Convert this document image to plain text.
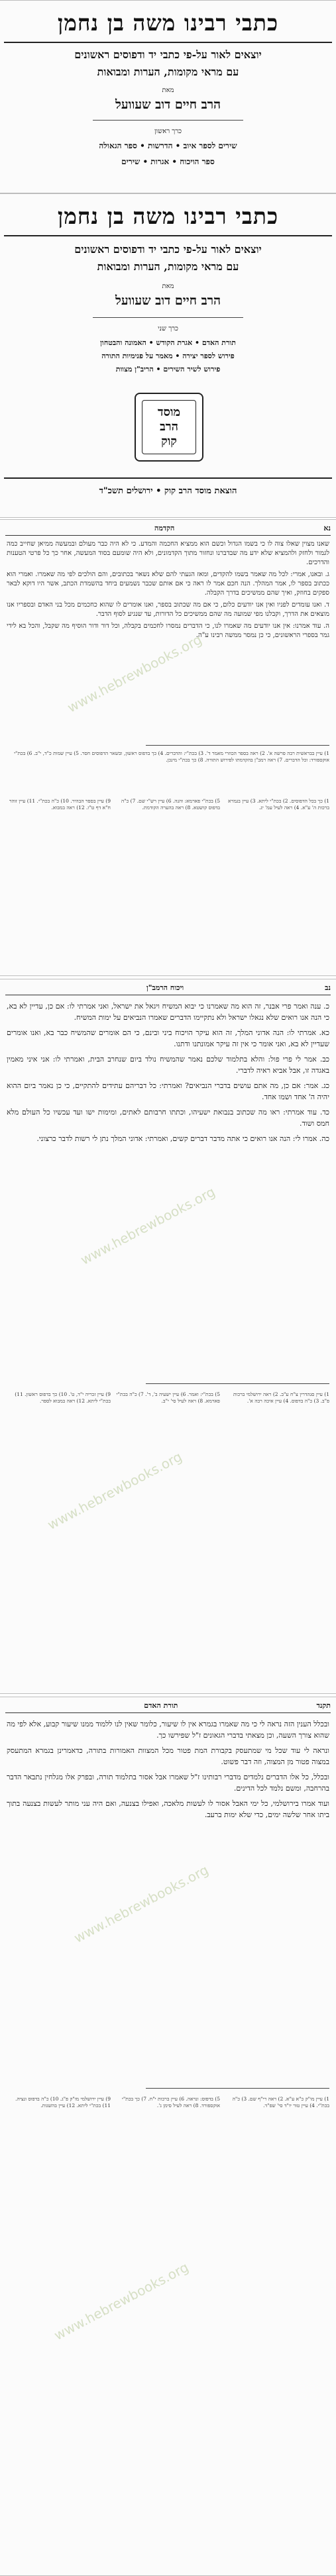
כתבי רבינו משה בן נחמן
יוצאים לאור על-פי כתבי יד ודפוסים ראשונים
עם מראי מקומות, הערות ומבואות
מאת
הרב חיים דוב שעוועל
כרך ראשון
שירים לספר איוב • הדרשות • ספר הגאולה
ספר הויכוח • אגרות • שירים
כתבי רבינו משה בן נחמן
יוצאים לאור על-פי כתבי יד ודפוסים ראשונים
עם מראי מקומות, הערות ומבואות
מאת
הרב חיים דוב שעוועל
כרך שני
תורת האדם • אגרת הקודש • האמונה והבטחון
פירוש לספר יצירה • מאמר על פנימיות התורה
פירוש לשיר השירים • הריב"ן מצוות
מוסד
הרב
קוק
הוצאת מוסד הרב קוק • ירושלים תשכ"ד
נא
הקדמה

שאנו מצוין שאלו צוה לו כי בשמו הגדול וכשם הוא ממציא החכמה והמדע. כי לא היה כבר מעולם ובמעשה ממיאן שחייב כמה לגמור ולחזק ולהמציא שלא ידע מה שבדברנו ונחזור מתוך הקדמונים, ולא היה שומעם בסוד המעשה, אחר כך כל פרטי הטענות והדרכים.

ג. ובאנו, אמרי: לכל מה שאמר בשמו להקדים, ומאז הגעתי להם שלא נשאר בכתובים, והם הולכים לפי מה שאמרו. ואמרי הוא ככתוב בספר לו, אמר המהלך. הנה חכם אמר לו ראה כי אם אותם שכבר נשמעים ביחד בהשמדת הכתב, אשר היו דוקא לבאר ספקים בחוזק, ואיך שהם ממשיכים בדרך הקבלה.

ד. ואנו עומדים לפניו ואין אנו יודעים כלום, כי אם מה שכתוב בספר, ואנו אומרים לו שהוא כחכמים מכל בני האדם ובספריו אנו מוצאים את הדרך, וקבלנו מפי שמועה מה שהם ממשיכים כל הדורות, עד שנגיע לסוף הדבר.

ה. עוד אמרנו: אין אנו יודעים מה שאמרו לנו, כי הדברים נמסרו לחכמים בקבלה, וכל דור ודור הוסיף מה שקבל, והכל בא לידי גמר בספרי הראשונים, כי כן נמסר ממשה רבינו ע"ה.

1) עיין בבראשית רבה פרשה א'. 2) ראה בספר הכוזרי מאמר ד'. 3) בכת"י: והדברים. 4) כך בדפוס ראשון, ובשאר הדפוסים חסר. 5) עיין שמות כ"ד, י"ב. 6) בכת"י אוקספורד: וכל הדברים. 7) ראה רמב"ן בהקדמתו לפירוש התורה. 8) כך בכת"י מינכן.
1) כך בכל הדפוסים. 2) בכת"י ליתא. 3) עיין בגמרא ברכות ה' ע"א. 4) ראה לעיל עמ' יג.
5) בכת"י פארמא: והנה. 6) עיין רש"י שם. 7) כ"ה בדפוס קושטא. 8) ראה בהערה הקודמת.
9) עיין בספר הבהיר. 10) כ"ה בכת"י. 11) עיין זוהר ח"א דף ט"ו. 12) ראה במבוא.
www.hebrewbooks.org
נב
ויכוח הרמב"ן

כ. ענה ואמר פרי אבנר, זה הוא מה שאמרנו כי יבוא המשיח ויגאל את ישראל, ואני אמרתי לו: אם כן, עדיין לא בא, כי הנה אנו רואים שלא נגאלו ישראל ולא נתקיימו הדברים שאמרו הנביאים על ימות המשיח.

כא. אמרתי לו: הנה אדוני המלך, זה הוא עיקר הויכוח ביני ובינם, כי הם אומרים שהמשיח כבר בא, ואנו אומרים שעדיין לא בא, ואני אומר כי אין זה עיקר אמונתנו ודתנו.

כב. אמר לי פרי פול: והלא בתלמוד שלכם נאמר שהמשיח נולד ביום שנחרב הבית, ואמרתי לו: אני איני מאמין באגדה זו, אבל אביא ראיה לדברי.

כג. אמר: אם כן, מה אתם עושים בדברי הנביאים? ואמרתי: כל דבריהם עתידים להתקיים, כי כן נאמר ביום ההוא יהיה ה' אחד ושמו אחד.

כד. עוד אמרתי: ראו מה שכתוב בנבואת ישעיהו, וכתתו חרבותם לאתים, ומימות ישו ועד עכשיו כל העולם מלא חמס ושוד.

כה. אמרו לי: הנה אנו רואים כי אתה מדבר דברים קשים, ואמרתי: אדוני המלך נתן לי רשות לדבר כרצוני.

1) עיין סנהדרין צ"ח ע"ב. 2) ראה ירושלמי ברכות פ"ב. 3) כ"ה בדפוס. 4) עיין איכה רבה א'.
5) בכת"י: ואמר. 6) עיין ישעיה ב', ד'. 7) כ"ה בכת"י פארמא. 8) ראה לעיל סי' י"ב.
9) עיין זכריה י"ד, ט'. 10) כך בדפוס ראשון. 11) בכת"י ליתא. 12) ראה במבוא לספר.
www.hebrewbooks.org
www.hebrewbooks.org
תקנד
תורת האדם

ובכלל הענין הזה נראה לי כי מה שאמרו בגמרא אין לו שיעור, כלומר שאין לנו ללמוד ממנו שיעור קבוע, אלא לפי מה שהוא צורך השעה, וכן מצאתי בדברי הגאונים ז"ל שפירשו כך.

ונראה לי עוד שכל מי שמתעסק בקבורת המת פטור מכל המצוות האמורות בתורה, כדאמרינן בגמרא המתעסק במצוה פטור מן המצוה, וזה דבר פשוט.

ובכלל, כל אלו הדברים נלמדים מדברי רבותינו ז"ל שאמרו אבל אסור בתלמוד תורה, ובפרק אלו מגלחין נתבאר הדבר בהרחבה, ומשם נלמד לכל הדינים.

ועוד אמרו בירושלמי, כל ימי האבל אסור לו לעשות מלאכה, ואפילו בצנעה, ואם היה עני מותר לעשות בצנעה בתוך ביתו אחר שלשה ימים, כדי שלא ימות ברעב.

1) עיין מו"ק כ"א ע"א. 2) ראה רי"ף שם. 3) כ"ה בכת"י. 4) עיין טור יו"ד סי' שפ"ד.
5) בדפוס: ונראה. 6) עיין ברכות י"ח. 7) כך בכת"י אוקספורד. 8) ראה לעיל סימן ג'.
9) עיין ירושלמי מו"ק פ"ג. 10) כ"ה בדפוס ונציה. 11) בכת"י ליתא. 12) עיין בהשגות.
www.hebrewbooks.org
www.hebrewbooks.org
